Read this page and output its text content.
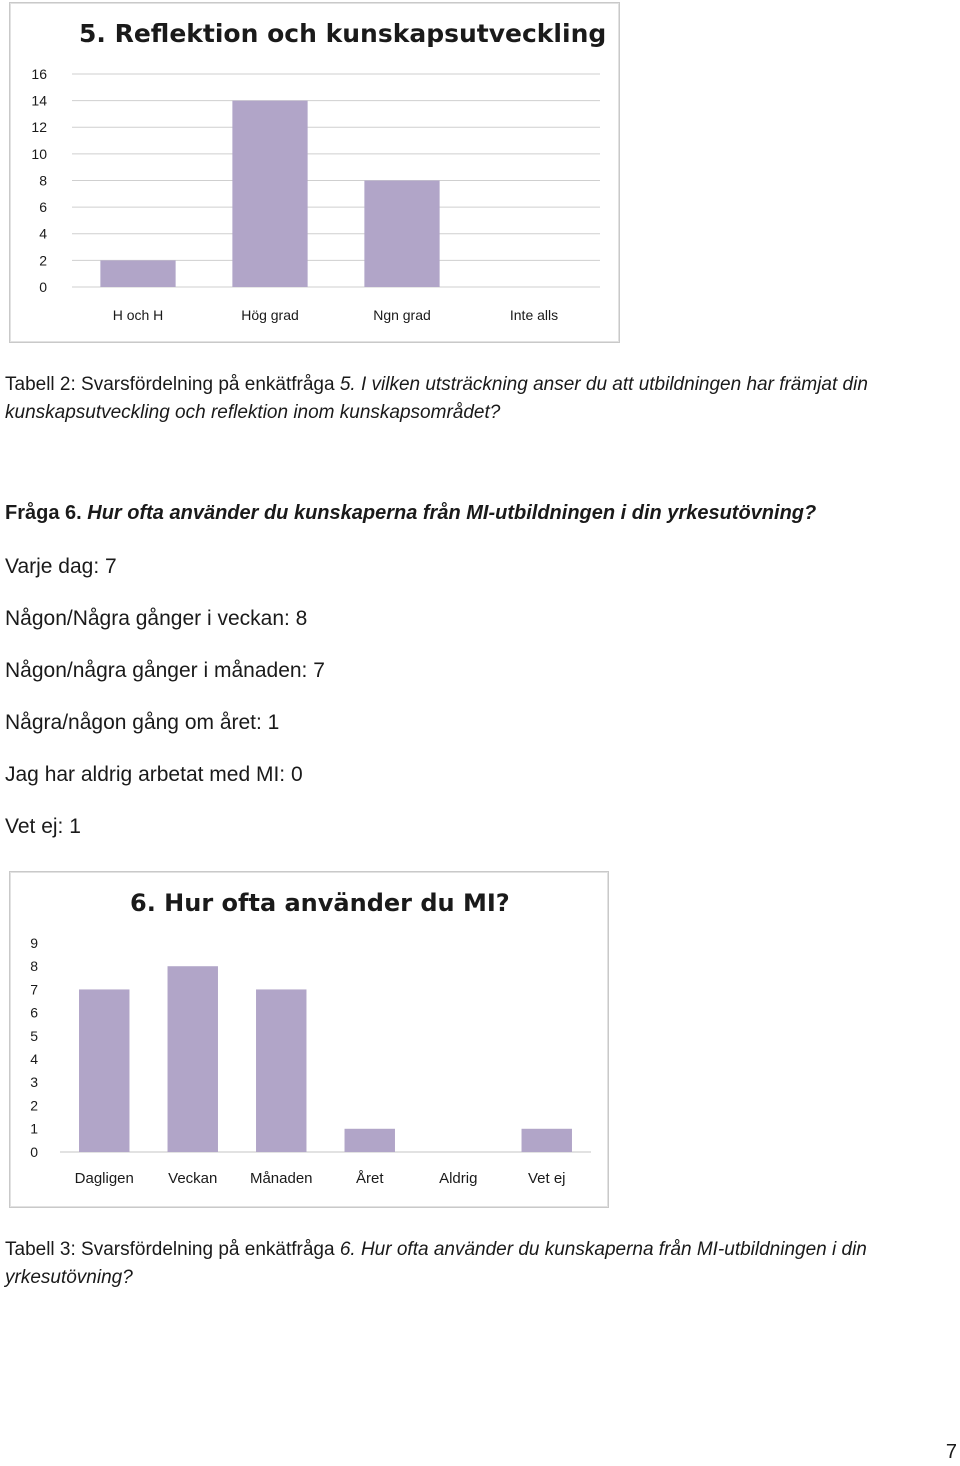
5. Reflektion och kunskapsutveckling
0
2
4
6
8
10
12
14
16
H och H	Hög grad	Ngn grad	Inte alls
Tabell 2: Svarsfördelning på enkätfråga 5. I vilken utsträckning anser du att utbildningen har främjat din kunskapsutveckling och reflektion inom kunskapsområdet?
Fråga 6. Hur ofta använder du kunskaperna från MI-utbildningen i din yrkesutövning?
Varje dag: 7
Någon/Några gånger i veckan: 8
Någon/några gånger i månaden: 7
Några/någon gång om året: 1
Jag har aldrig arbetat med MI: 0
Vet ej: 1
6. Hur ofta använder du MI?
0
1
2
3
4
5
6
7
8
9
Dagligen Veckan Månaden	Året	Aldrig	Vet ej
Tabell 3: Svarsfördelning på enkätfråga 6. Hur ofta använder du kunskaperna från MI-utbildningen i din yrkesutövning?
7
